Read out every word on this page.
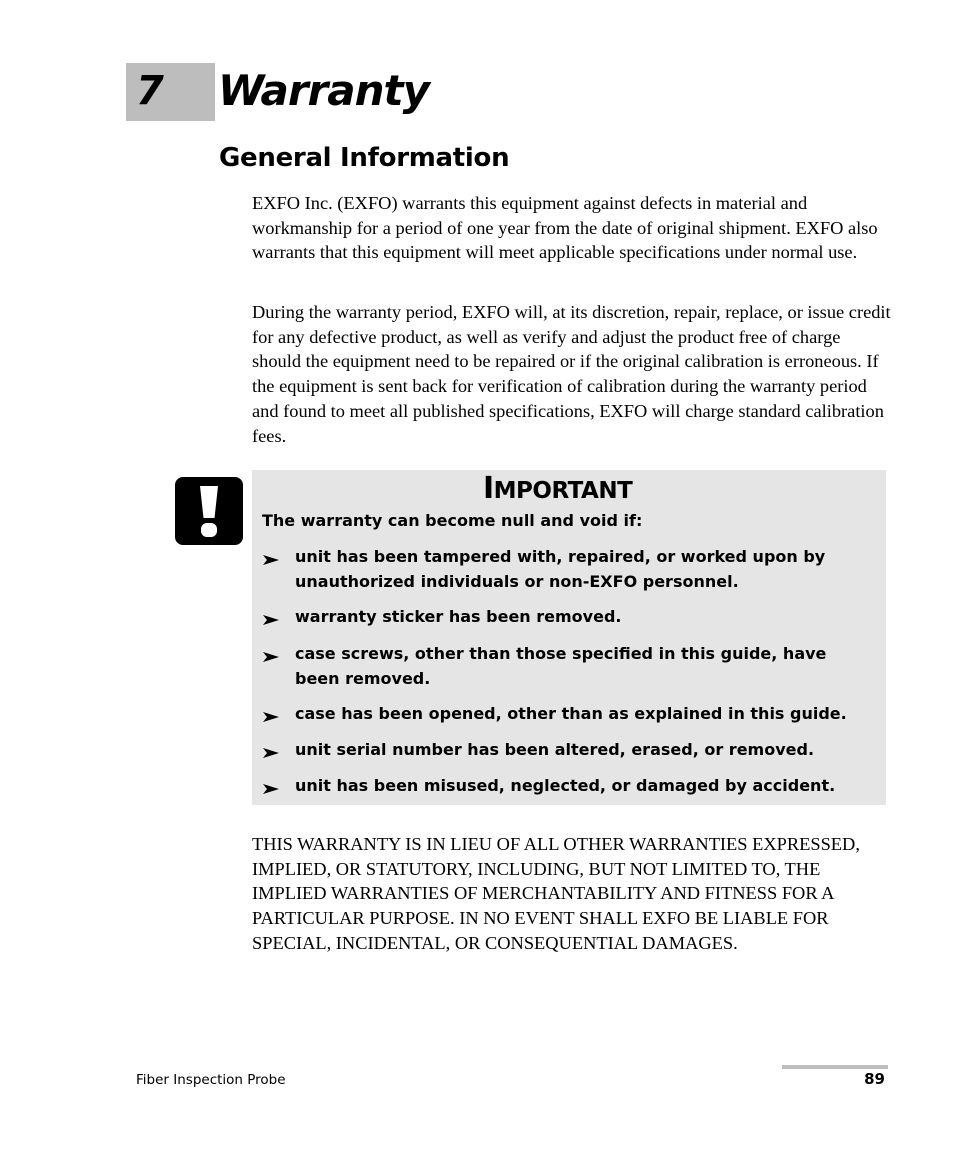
7 Warranty
General Information

EXFO Inc. (EXFO) warrants this equipment against defects in material and workmanship for a period of one year from the date of original shipment. EXFO also warrants that this equipment will meet applicable specifications under normal use.

During the warranty period, EXFO will, at its discretion, repair, replace, or issue credit for any defective product, as well as verify and adjust the product free of charge should the equipment need to be repaired or if the original calibration is erroneous. If the equipment is sent back for verification of calibration during the warranty period and found to meet all published specifications, EXFO will charge standard calibration fees.

IMPORTANT
The warranty can become null and void if:
unit has been tampered with, repaired, or worked upon by unauthorized individuals or non-EXFO personnel.
warranty sticker has been removed.
case screws, other than those specified in this guide, have been removed.
case has been opened, other than as explained in this guide.
unit serial number has been altered, erased, or removed.
unit has been misused, neglected, or damaged by accident.

THIS WARRANTY IS IN LIEU OF ALL OTHER WARRANTIES EXPRESSED, IMPLIED, OR STATUTORY, INCLUDING, BUT NOT LIMITED TO, THE IMPLIED WARRANTIES OF MERCHANTABILITY AND FITNESS FOR A PARTICULAR PURPOSE. IN NO EVENT SHALL EXFO BE LIABLE FOR SPECIAL, INCIDENTAL, OR CONSEQUENTIAL DAMAGES.

Fiber Inspection Probe	89
